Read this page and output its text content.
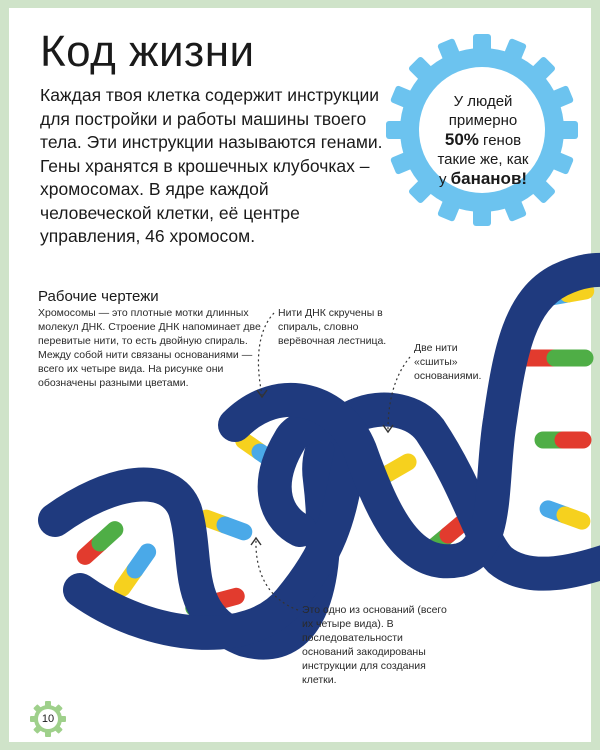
Код жизни

Каждая твоя клетка содержит инструкции для постройки и работы машины твоего тела. Эти инструкции называются генами. Гены хранятся в крошечных клубочках – хромосомах. В ядре каждой человеческой клетки, её центре управления, 46 хромосом.

У людей
примерно
50% генов
такие же, как
у бананов!
Рабочие чертежи

Хромосомы — это плотные мотки длинных молекул ДНК. Строение ДНК напоминает две перевитые нити, то есть двойную спираль. Между собой нити связаны основаниями — всего их четыре вида. На рисунке они обозначены разными цветами.

Нити ДНК скручены в спираль, словно верёвочная лестница.

Две нити «сшиты» основаниями.

Это одно из оснований (всего их четыре вида). В последовательности оснований закодированы инструкции для создания клетки.

10
